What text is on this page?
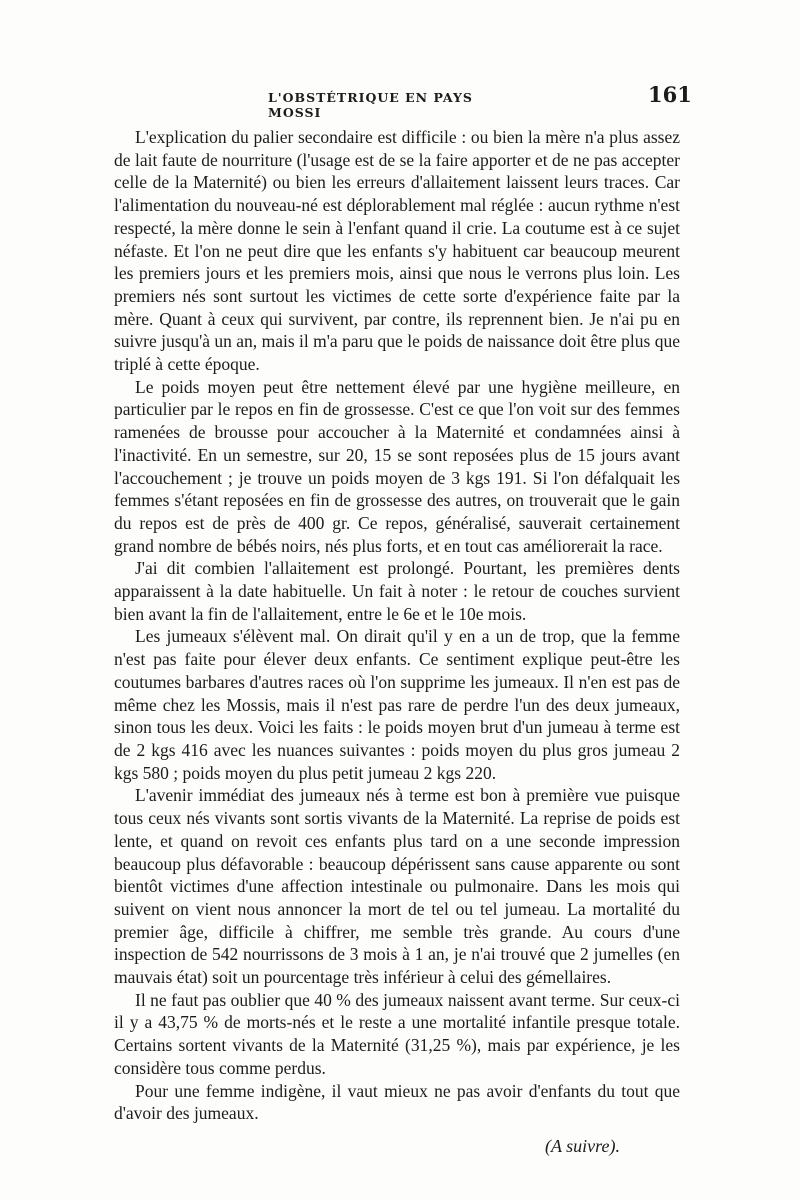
L'OBSTÉTRIQUE EN PAYS MOSSI
161

L'explication du palier secondaire est difficile : ou bien la mère n'a plus assez de lait faute de nourriture (l'usage est de se la faire apporter et de ne pas accepter celle de la Maternité) ou bien les erreurs d'allaitement laissent leurs traces. Car l'alimentation du nouveau-né est déplorablement mal réglée : aucun rythme n'est respecté, la mère donne le sein à l'enfant quand il crie. La coutume est à ce sujet néfaste. Et l'on ne peut dire que les enfants s'y habituent car beaucoup meurent les premiers jours et les premiers mois, ainsi que nous le verrons plus loin. Les premiers nés sont surtout les victimes de cette sorte d'expérience faite par la mère. Quant à ceux qui survivent, par contre, ils reprennent bien. Je n'ai pu en suivre jusqu'à un an, mais il m'a paru que le poids de naissance doit être plus que triplé à cette époque.

Le poids moyen peut être nettement élevé par une hygiène meilleure, en particulier par le repos en fin de grossesse. C'est ce que l'on voit sur des femmes ramenées de brousse pour accoucher à la Maternité et condamnées ainsi à l'inactivité. En un semestre, sur 20, 15 se sont reposées plus de 15 jours avant l'accouchement ; je trouve un poids moyen de 3 kgs 191. Si l'on défalquait les femmes s'étant reposées en fin de grossesse des autres, on trouverait que le gain du repos est de près de 400 gr. Ce repos, généralisé, sauverait certainement grand nombre de bébés noirs, nés plus forts, et en tout cas améliorerait la race.

J'ai dit combien l'allaitement est prolongé. Pourtant, les premières dents apparaissent à la date habituelle. Un fait à noter : le retour de couches survient bien avant la fin de l'allaitement, entre le 6e et le 10e mois.

Les jumeaux s'élèvent mal. On dirait qu'il y en a un de trop, que la femme n'est pas faite pour élever deux enfants. Ce sentiment explique peut-être les coutumes barbares d'autres races où l'on supprime les jumeaux. Il n'en est pas de même chez les Mossis, mais il n'est pas rare de perdre l'un des deux jumeaux, sinon tous les deux. Voici les faits : le poids moyen brut d'un jumeau à terme est de 2 kgs 416 avec les nuances suivantes : poids moyen du plus gros jumeau 2 kgs 580 ; poids moyen du plus petit jumeau 2 kgs 220.

L'avenir immédiat des jumeaux nés à terme est bon à première vue puisque tous ceux nés vivants sont sortis vivants de la Maternité. La reprise de poids est lente, et quand on revoit ces enfants plus tard on a une seconde impression beaucoup plus défavorable : beaucoup dépérissent sans cause apparente ou sont bientôt victimes d'une affection intestinale ou pulmonaire. Dans les mois qui suivent on vient nous annoncer la mort de tel ou tel jumeau. La mortalité du premier âge, difficile à chiffrer, me semble très grande. Au cours d'une inspection de 542 nourrissons de 3 mois à 1 an, je n'ai trouvé que 2 jumelles (en mauvais état) soit un pourcentage très inférieur à celui des gémellaires.

Il ne faut pas oublier que 40 % des jumeaux naissent avant terme. Sur ceux-ci il y a 43,75 % de morts-nés et le reste a une mortalité infantile presque totale. Certains sortent vivants de la Maternité (31,25 %), mais par expérience, je les considère tous comme perdus.

Pour une femme indigène, il vaut mieux ne pas avoir d'enfants du tout que d'avoir des jumeaux.

(A suivre).
